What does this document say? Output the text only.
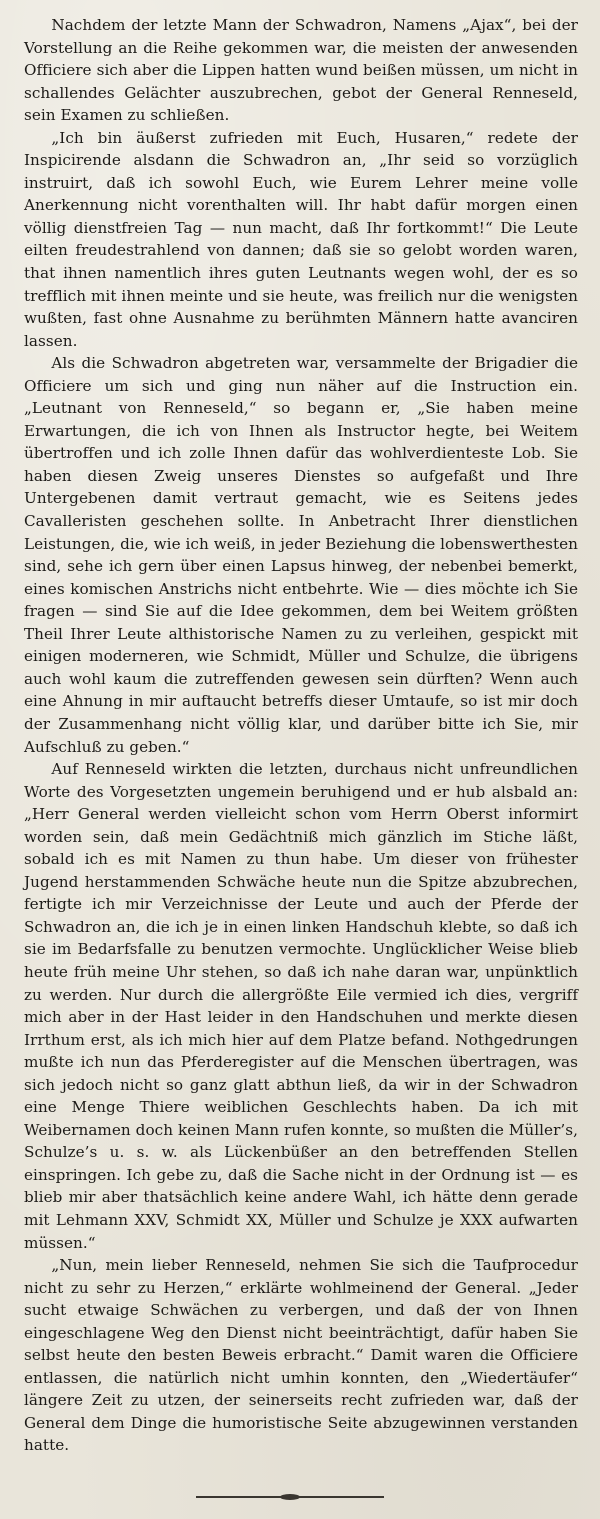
Nachdem der letzte Mann der Schwadron, Namens „Ajax“, bei der Vorstellung an die Reihe gekommen war, die meisten der anwesenden Officiere sich aber die Lippen hatten wund beißen müssen, um nicht in schallendes Gelächter auszubrechen, gebot der General Renneseld, sein Examen zu schließen.

„Ich bin äußerst zufrieden mit Euch, Husaren,“ redete der Inspicirende alsdann die Schwadron an, „Ihr seid so vorzüglich instruirt, daß ich sowohl Euch, wie Eurem Lehrer meine volle Anerkennung nicht vorenthalten will. Ihr habt dafür morgen einen völlig dienstfreien Tag — nun macht, daß Ihr fortkommt!“ Die Leute eilten freudestrahlend von dannen; daß sie so gelobt worden waren, that ihnen namentlich ihres guten Leutnants wegen wohl, der es so trefflich mit ihnen meinte und sie heute, was freilich nur die wenigsten wußten, fast ohne Ausnahme zu berühmten Männern hatte avanciren lassen.

Als die Schwadron abgetreten war, versammelte der Brigadier die Officiere um sich und ging nun näher auf die Instruction ein. „Leutnant von Renneseld,“ so begann er, „Sie haben meine Erwartungen, die ich von Ihnen als Instructor hegte, bei Weitem übertroffen und ich zolle Ihnen dafür das wohlverdienteste Lob. Sie haben diesen Zweig unseres Dienstes so aufgefaßt und Ihre Untergebenen damit vertraut gemacht, wie es Seitens jedes Cavalleristen geschehen sollte. In Anbetracht Ihrer dienstlichen Leistungen, die, wie ich weiß, in jeder Beziehung die lobenswerthesten sind, sehe ich gern über einen Lapsus hinweg, der nebenbei bemerkt, eines komischen Anstrichs nicht entbehrte. Wie — dies möchte ich Sie fragen — sind Sie auf die Idee gekommen, dem bei Weitem größten Theil Ihrer Leute althistorische Namen zu zu verleihen, gespickt mit einigen moderneren, wie Schmidt, Müller und Schulze, die übrigens auch wohl kaum die zutreffenden gewesen sein dürften? Wenn auch eine Ahnung in mir auftaucht betreffs dieser Umtaufe, so ist mir doch der Zusammenhang nicht völlig klar, und darüber bitte ich Sie, mir Aufschluß zu geben.“

Auf Renneseld wirkten die letzten, durchaus nicht unfreundlichen Worte des Vorgesetzten ungemein beruhigend und er hub alsbald an: „Herr General werden vielleicht schon vom Herrn Oberst informirt worden sein, daß mein Gedächtniß mich gänzlich im Stiche läßt, sobald ich es mit Namen zu thun habe. Um dieser von frühester Jugend herstammenden Schwäche heute nun die Spitze abzubrechen, fertigte ich mir Verzeichnisse der Leute und auch der Pferde der Schwadron an, die ich je in einen linken Handschuh klebte, so daß ich sie im Bedarfsfalle zu benutzen vermochte. Unglücklicher Weise blieb heute früh meine Uhr stehen, so daß ich nahe daran war, unpünktlich zu werden. Nur durch die allergrößte Eile vermied ich dies, vergriff mich aber in der Hast leider in den Handschuhen und merkte diesen Irrthum erst, als ich mich hier auf dem Platze befand. Nothgedrungen mußte ich nun das Pferderegister auf die Menschen übertragen, was sich jedoch nicht so ganz glatt abthun ließ, da wir in der Schwadron eine Menge Thiere weiblichen Geschlechts haben. Da ich mit Weibernamen doch keinen Mann rufen konnte, so mußten die Müller’s, Schulze’s u. s. w. als Lückenbüßer an den betreffenden Stellen einspringen. Ich gebe zu, daß die Sache nicht in der Ordnung ist — es blieb mir aber thatsächlich keine andere Wahl, ich hätte denn gerade mit Lehmann XXV, Schmidt XX, Müller und Schulze je XXX aufwarten müssen.“

„Nun, mein lieber Renneseld, nehmen Sie sich die Taufprocedur nicht zu sehr zu Herzen,“ erklärte wohlmeinend der General. „Jeder sucht etwaige Schwächen zu verbergen, und daß der von Ihnen eingeschlagene Weg den Dienst nicht beeinträchtigt, dafür haben Sie selbst heute den besten Beweis erbracht.“ Damit waren die Officiere entlassen, die natürlich nicht umhin konnten, den „Wiedertäufer“ längere Zeit zu utzen, der seinerseits recht zufrieden war, daß der General dem Dinge die humoristische Seite abzugewinnen verstanden hatte.
